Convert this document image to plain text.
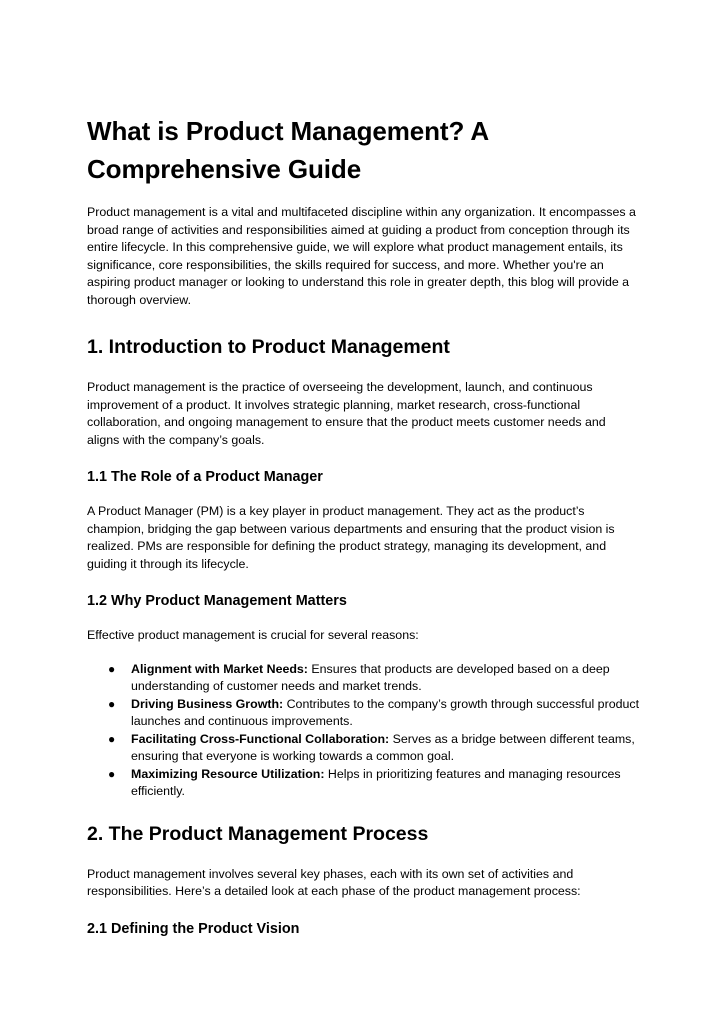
What is Product Management? A Comprehensive Guide

Product management is a vital and multifaceted discipline within any organization. It encompasses a broad range of activities and responsibilities aimed at guiding a product from conception through its entire lifecycle. In this comprehensive guide, we will explore what product management entails, its significance, core responsibilities, the skills required for success, and more. Whether you're an aspiring product manager or looking to understand this role in greater depth, this blog will provide a thorough overview.

1. Introduction to Product Management

Product management is the practice of overseeing the development, launch, and continuous improvement of a product. It involves strategic planning, market research, cross-functional collaboration, and ongoing management to ensure that the product meets customer needs and aligns with the company’s goals.

1.1 The Role of a Product Manager

A Product Manager (PM) is a key player in product management. They act as the product’s champion, bridging the gap between various departments and ensuring that the product vision is realized. PMs are responsible for defining the product strategy, managing its development, and guiding it through its lifecycle.

1.2 Why Product Management Matters

Effective product management is crucial for several reasons:

● Alignment with Market Needs: Ensures that products are developed based on a deep understanding of customer needs and market trends.
● Driving Business Growth: Contributes to the company’s growth through successful product launches and continuous improvements.
● Facilitating Cross-Functional Collaboration: Serves as a bridge between different teams, ensuring that everyone is working towards a common goal.
● Maximizing Resource Utilization: Helps in prioritizing features and managing resources efficiently.
2. The Product Management Process

Product management involves several key phases, each with its own set of activities and responsibilities. Here’s a detailed look at each phase of the product management process:

2.1 Defining the Product Vision
